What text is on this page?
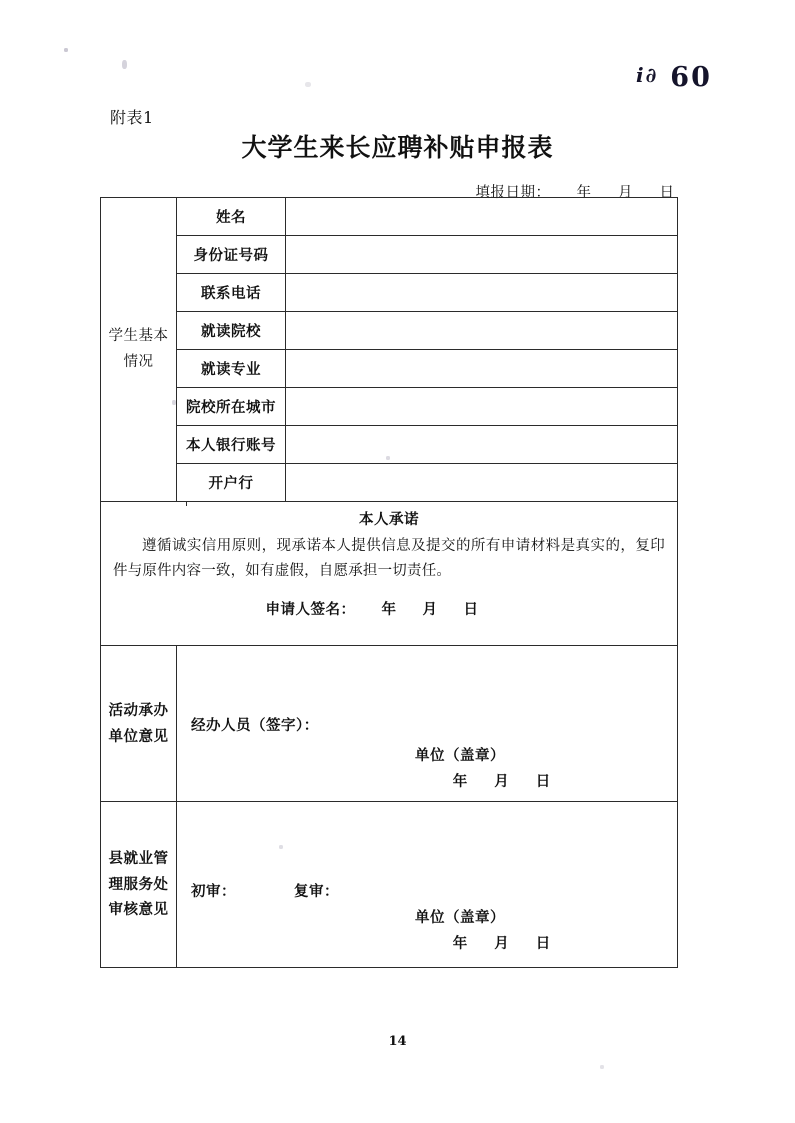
i∂ 60
附表1
大学生来长应聘补贴申报表
填报日期： 年 月 日
学生基本
情况	姓名	
	身份证号码	
	联系电话	
	就读院校	
	就读专业	
	院校所在城市	
	本人银行账号	
	开户行	

本人承诺
遵循诚实信用原则，现承诺本人提供信息及提交的所有申请材料是真实的，复印件与原件内容一致，如有虚假，自愿承担一切责任。
申请人签名： 年 月 日		

活动承办
单位意见

经办人员（签字）：
单位（盖章）
年 月 日

县就业管
理服务处
审核意见

初审：	复审：
单位（盖章）
年 月 日
14
